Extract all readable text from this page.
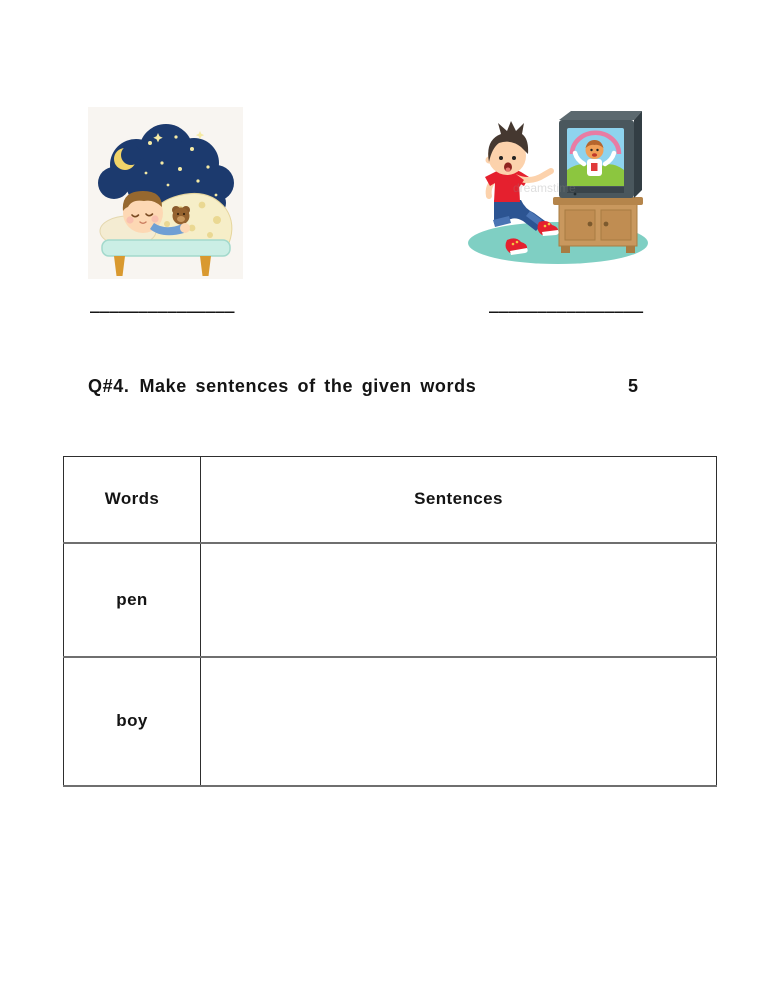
dreamstime
_______________	________________
Q#4. Make sentences of the given words	5
Words	Sentences
pen	
boy	
